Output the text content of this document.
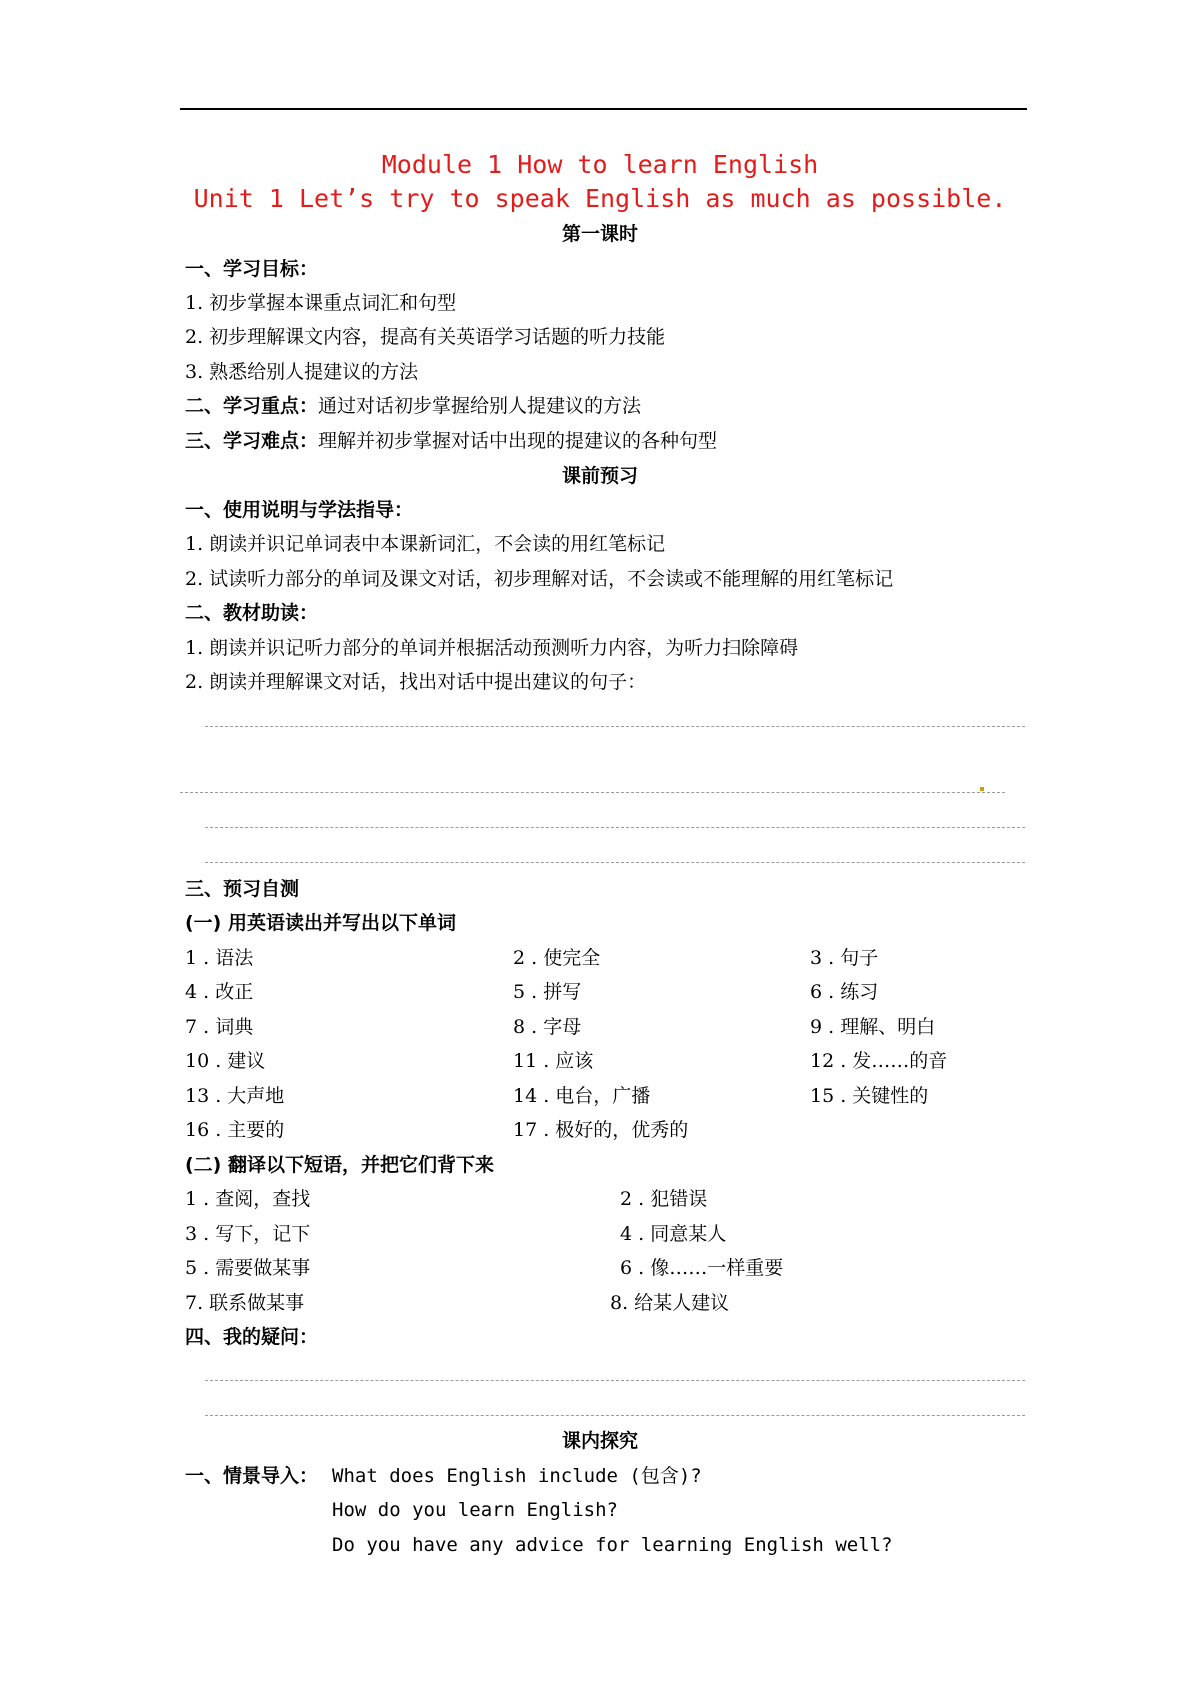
Module 1 How to learn English
Unit 1 Let’s try to speak English as much as possible.
第一课时
一、学习目标：
1. 初步掌握本课重点词汇和句型
2. 初步理解课文内容，提高有关英语学习话题的听力技能
3. 熟悉给别人提建议的方法
二、学习重点：通过对话初步掌握给别人提建议的方法
三、学习难点：理解并初步掌握对话中出现的提建议的各种句型
课前预习
一、使用说明与学法指导：
1. 朗读并识记单词表中本课新词汇，不会读的用红笔标记
2. 试读听力部分的单词及课文对话，初步理解对话，不会读或不能理解的用红笔标记
二、教材助读：
1. 朗读并识记听力部分的单词并根据活动预测听力内容，为听力扫除障碍
2. 朗读并理解课文对话，找出对话中提出建议的句子：
三、预习自测
(一) 用英语读出并写出以下单词
1 . 语法	2 . 使完全	3 . 句子
4 . 改正	5 . 拼写	6 . 练习
7 . 词典	8 . 字母	9 . 理解、明白
10 . 建议	11 . 应该	12 . 发……的音
13 . 大声地	14 . 电台，广播	15 . 关键性的
16 . 主要的	17 . 极好的，优秀的
(二) 翻译以下短语，并把它们背下来
1 . 查阅，查找	2 . 犯错误
3 . 写下，记下	4 . 同意某人
5 . 需要做某事	6 . 像……一样重要
7. 联系做某事	8. 给某人建议
四、我的疑问：
课内探究
一、情景导入： What does English include (包含)?
How do you learn English?
Do you have any advice for learning English well?
